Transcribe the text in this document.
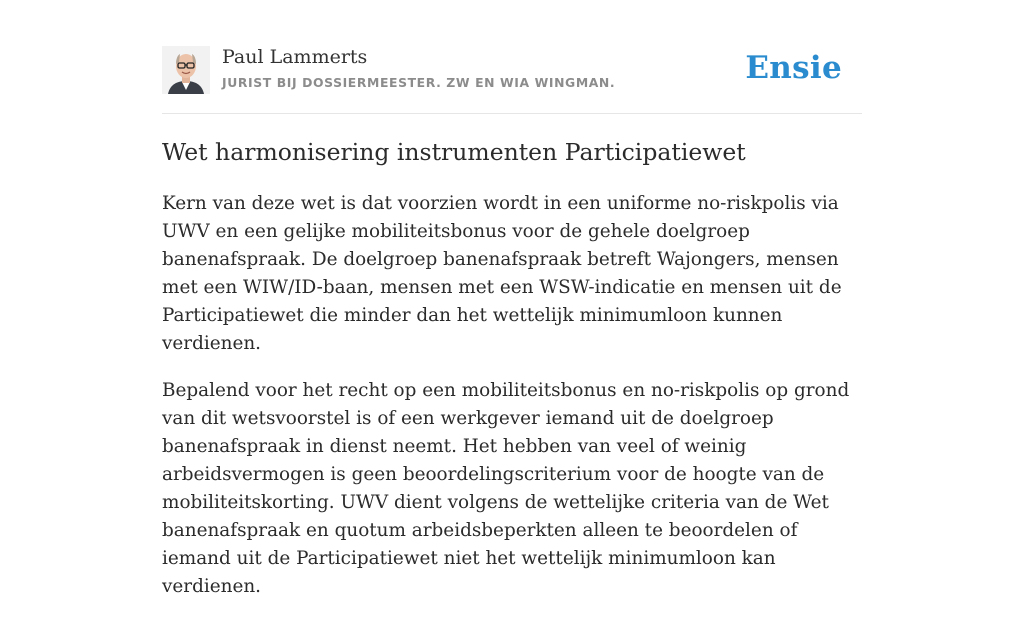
Paul Lammerts
JURIST BIJ DOSSIERMEESTER. ZW EN WIA WINGMAN.	Ensie
Wet harmonisering instrumenten Participatiewet

Kern van deze wet is dat voorzien wordt in een uniforme no-riskpolis via UWV en een gelijke mobiliteitsbonus voor de gehele doelgroep banenafspraak. De doelgroep banenafspraak betreft Wajongers, mensen met een WIW/ID-baan, mensen met een WSW-indicatie en mensen uit de Participatiewet die minder dan het wettelijk minimumloon kunnen verdienen.

Bepalend voor het recht op een mobiliteitsbonus en no-riskpolis op grond van dit wetsvoorstel is of een werkgever iemand uit de doelgroep banenafspraak in dienst neemt. Het hebben van veel of weinig arbeidsvermogen is geen beoordelingscriterium voor de hoogte van de mobiliteitskorting. UWV dient volgens de wettelijke criteria van de Wet banenafspraak en quotum arbeidsbeperkten alleen te beoordelen of iemand uit de Participatiewet niet het wettelijk minimumloon kan verdienen.
